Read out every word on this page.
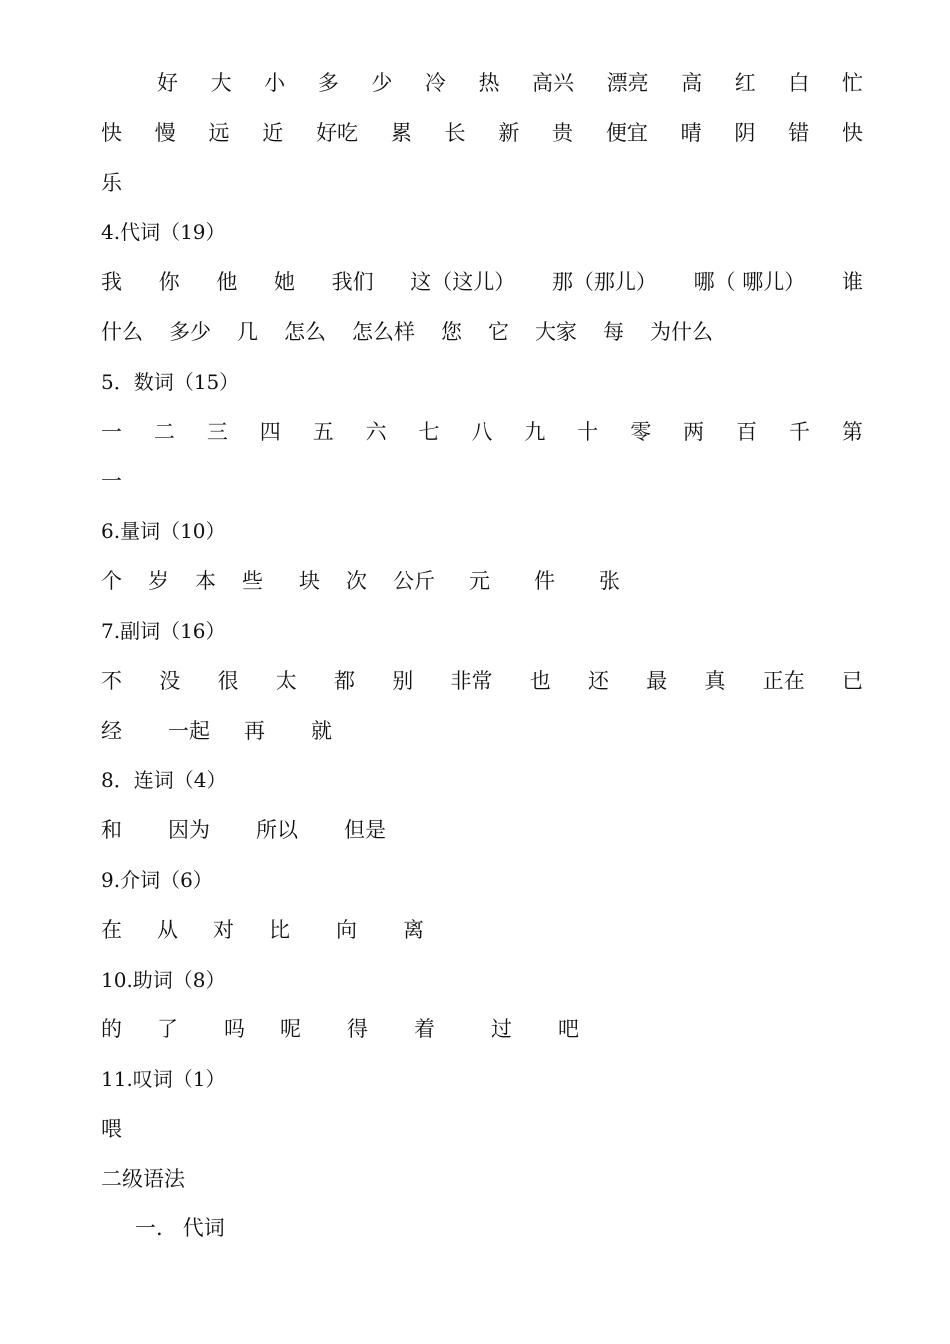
好 大 小 多 少 冷 热 高兴 漂亮 高 红 白 忙
快 慢 远 近 好吃 累 长 新 贵 便宜 晴 阴 错 快
乐
4.代词（19）
我 你 他 她 我们 这（这儿） 那（那儿） 哪（ 哪儿） 谁
什么 多少 几 怎么 怎么样 您 它 大家 每 为什么
5．数词（15）
一 二 三 四 五 六 七 八 九 十 零 两 百 千 第
一
6.量词（10）
个 岁 本 些 块 次 公斤 元 件 张
7.副词（16）
不 没 很 太 都 别 非常 也 还 最 真 正在 已
经 一起 再 就
8．连词（4）
和 因为 所以 但是
9.介词（6）
在 从 对 比 向 离
10.助词（8）
的 了 吗 呢 得 着	过 吧
11.叹词（1）
喂
二级语法
一.   代词
